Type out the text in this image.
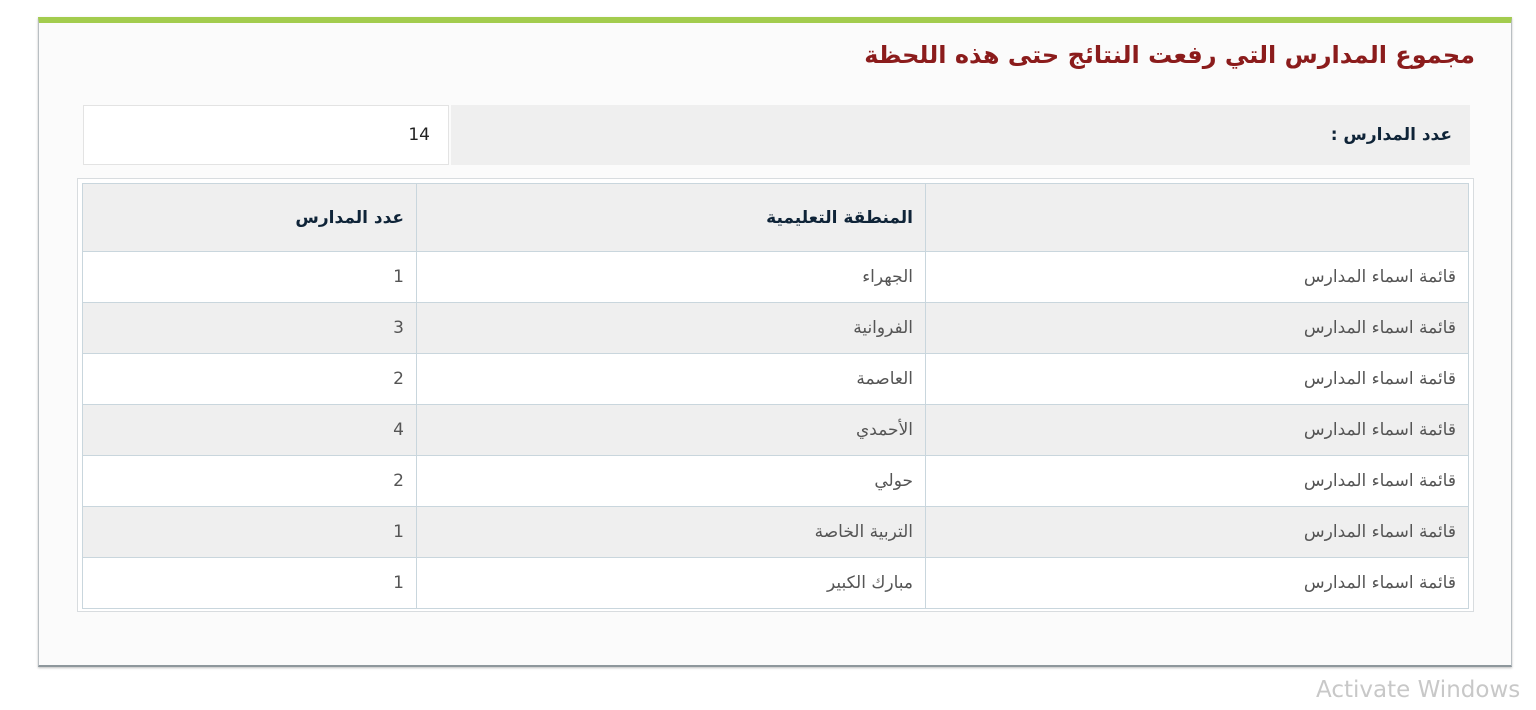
مجموع المدارس التي رفعت النتائج حتى هذه اللحظة
عدد المدارس :
14
	المنطقة التعليمية	عدد المدارس
قائمة اسماء المدارس	الجهراء	1
قائمة اسماء المدارس	الفروانية	3
قائمة اسماء المدارس	العاصمة	2
قائمة اسماء المدارس	الأحمدي	4
قائمة اسماء المدارس	حولي	2
قائمة اسماء المدارس	التربية الخاصة	1
قائمة اسماء المدارس	مبارك الكبير	1
Activate Windows
